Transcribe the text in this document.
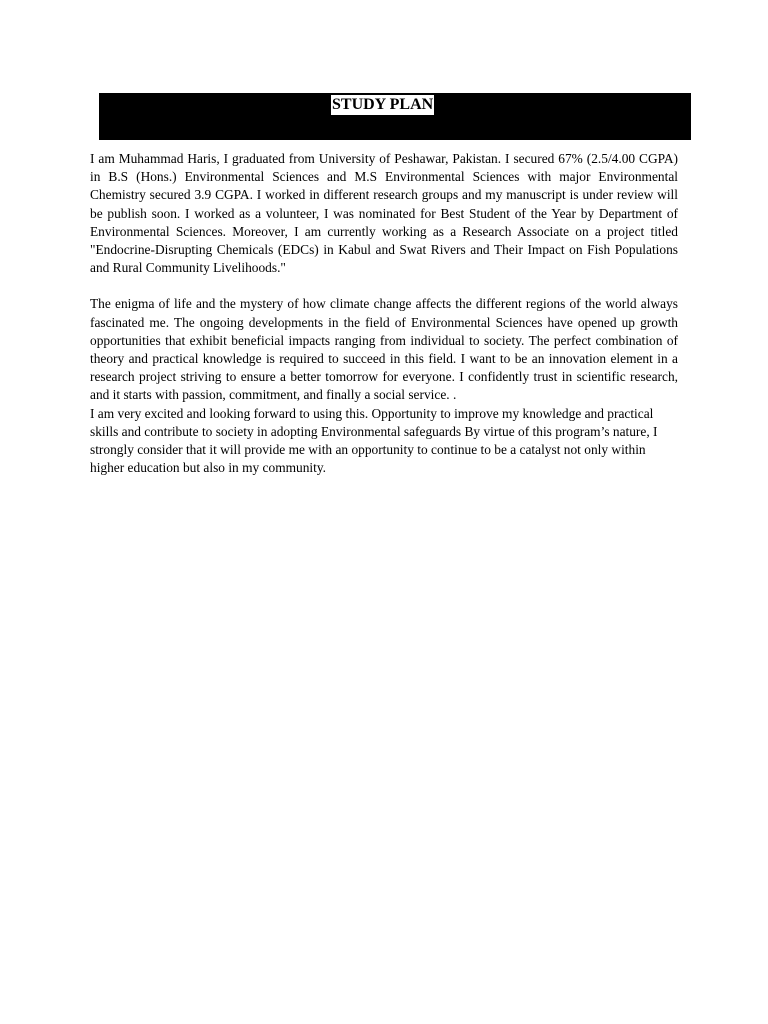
STUDY PLAN

I am Muhammad Haris, I graduated from University of Peshawar, Pakistan. I secured 67% (2.5/4.00 CGPA) in B.S (Hons.) Environmental Sciences and M.S Environmental Sciences with major Environmental Chemistry secured 3.9 CGPA. I worked in different research groups and my manuscript is under review will be publish soon. I worked as a volunteer, I was nominated for Best Student of the Year by Department of Environmental Sciences. Moreover, I am currently working as a Research Associate on a project titled "Endocrine-Disrupting Chemicals (EDCs) in Kabul and Swat Rivers and Their Impact on Fish Populations and Rural Community Livelihoods."

The enigma of life and the mystery of how climate change affects the different regions of the world always fascinated me. The ongoing developments in the field of Environmental Sciences have opened up growth opportunities that exhibit beneficial impacts ranging from individual to society. The perfect combination of theory and practical knowledge is required to succeed in this field. I want to be an innovation element in a research project striving to ensure a better tomorrow for everyone. I confidently trust in scientific research, and it starts with passion, commitment, and finally a social service. .

I am very excited and looking forward to using this. Opportunity to improve my knowledge and practical skills and contribute to society in adopting Environmental safeguards By virtue of this program’s nature, I strongly consider that it will provide me with an opportunity to continue to be a catalyst not only within higher education but also in my community.
